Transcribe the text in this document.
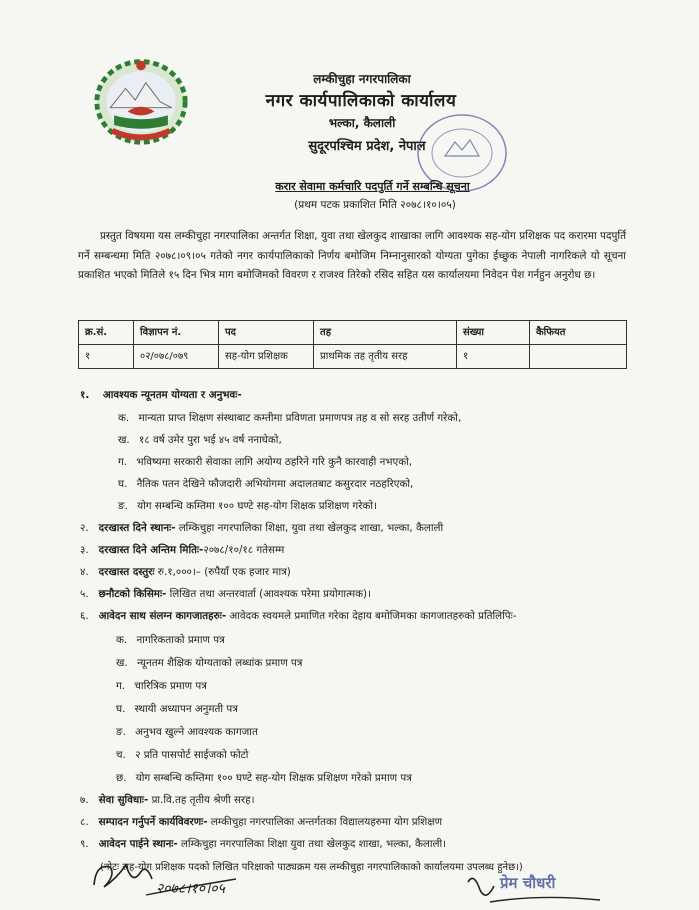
लम्कीचुहा नगरपालिका
नगर कार्यपालिकाको कार्यालय
भल्का, कैलाली
सुदूरपश्चिम प्रदेश, नेपाल
करार सेवामा कर्मचारि पदपुर्ति गर्ने सम्बन्धि सूचना
(प्रथम पटक प्रकाशित मिति २०७८।१०।०५)
प्रस्तुत विषयमा यस लम्कीचुहा नगरपालिका अन्तर्गत शिक्षा, युवा तथा खेलकुद शाखाका लागि आवश्यक सह-योग प्रशिक्षक पद करारमा पदपुर्ति गर्ने सम्बन्धमा मिति २०७८।०९।०५ गतेको नगर कार्यपालिकाको निर्णय बमोजिम निम्नानुसारको योग्यता पुगेका ईच्छुक नेपाली नागरिकले यो सूचना प्रकाशित भएको मितिले १५ दिन भित्र माग बमोजिमको विवरण र राजश्व तिरेको रसिद सहित यस कार्यालयमा निवेदन पेश गर्नहुन अनुरोध छ।
क्र.सं.	विज्ञापन नं.	पद	तह	संख्या	कैफियत
१	०२/०७८/०७९	सह-योग प्रशिक्षक	प्राथमिक तह तृतीय सरह	१	
१. आवश्यक न्यूनतम योग्यता र अनुभवः-
क. मान्यता प्राप्त शिक्षण संस्थाबाट कम्तीमा प्रविणता प्रमाणपत्र तह व सो सरह उतीर्ण गरेको,
ख. १८ वर्ष उमेर पुरा भई ४५ वर्ष ननाघेको,
ग. भविष्यमा सरकारी सेवाका लागि अयोग्य ठहरिने गरि कुनै कारवाही नभएको,
घ. नैतिक पतन देखिने फौजदारी अभियोगमा अदालतबाट कसुरदार नठहरिएको,
ङ. योग सम्बन्धि कम्तिमा १०० घण्टे सह-योग शिक्षक प्रशिक्षण गरेको।
२. दरखास्त दिने स्थानः- लम्किचुहा नगरपालिका शिक्षा, युवा तथा खेलकुद शाखा, भल्का, कैलाली
३. दरखास्त दिने अन्तिम मितिः-२०७८/१०/१८ गतेसम्म
४. दरखास्त दस्तुरः रु.१,०००।– (रुपैयाँ एक हजार मात्र)
५. छनौटको किसिमः- लिखित तथा अन्तरवार्ता (आवश्यक परेमा प्रयोगात्मक)।
६. आवेदन साथ संलग्न कागजातहरुः- आवेदक स्वयमले प्रमाणित गरेका देहाय बमोजिमका कागजातहरुको प्रतिलिपिः-
क. नागरिकताको प्रमाण पत्र
ख. न्यूनतम शैक्षिक योग्यताको लब्धांक प्रमाण पत्र
ग. चारित्रिक प्रमाण पत्र
घ. स्थायी अध्यापन अनुमती पत्र
ङ. अनुभव खुल्ने आवश्यक कागजात
च. २ प्रति पासपोर्ट साईजको फोटो
छ. योग सम्बन्धि कम्तिमा १०० घण्टे सह-योग शिक्षक प्रशिक्षण गरेको प्रमाण पत्र
७. सेवा सुविधाः- प्रा.वि.तह तृतीय श्रेणी सरह।
८. सम्पादन गर्नुपर्ने कार्यविवरणः- लम्कीचुहा नगरपालिका अन्तर्गतका विद्यालयहरुमा योग प्रशिक्षण
९. आवेदन पाईने स्थानः- लम्किचुहा नगरपालिका शिक्षा युवा तथा खेलकुद शाखा, भल्का, कैलाली।
(नोटः सह-योग प्रशिक्षक पदको लिखित परिक्षाको पाठ्यक्रम यस लम्कीचुहा नगरपालिकाको कार्यालयमा उपलब्ध हुनेछ।)
२०७८।१०।०५	प्रेम चौधरी
